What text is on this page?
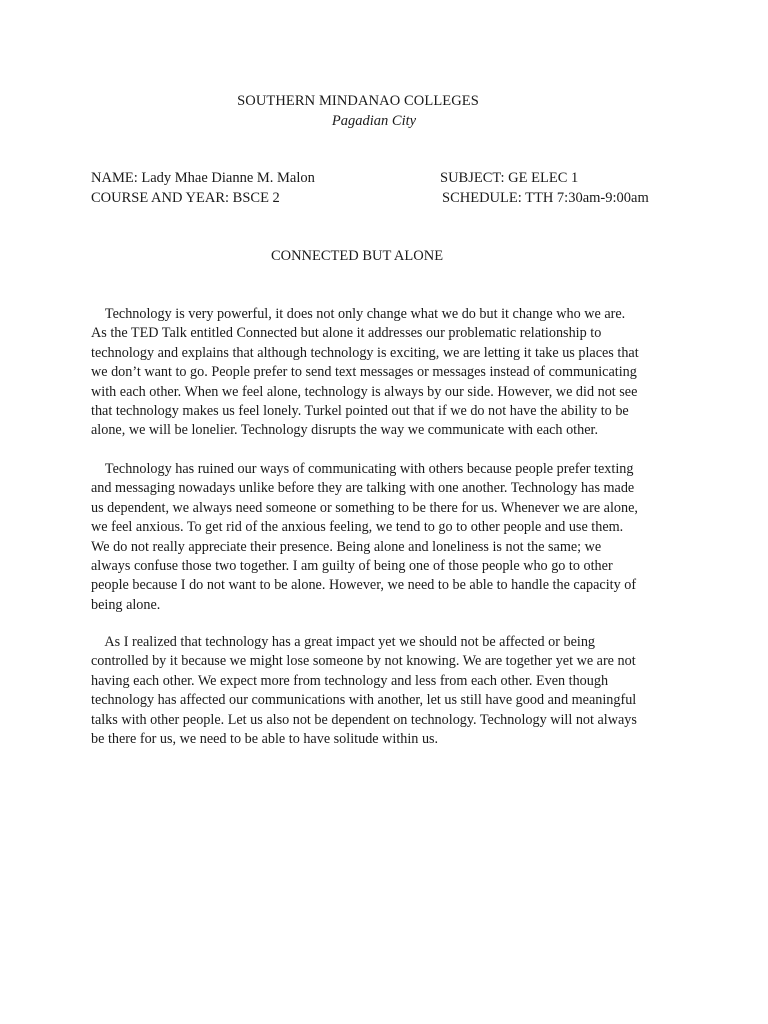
SOUTHERN MINDANAO COLLEGES
Pagadian City
NAME: Lady Mhae Dianne M. Malon	SUBJECT: GE ELEC 1
COURSE AND YEAR: BSCE 2	SCHEDULE: TTH 7:30am-9:00am
CONNECTED BUT ALONE

Technology is very powerful, it does not only change what we do but it change who we are.
As the TED Talk entitled Connected but alone it addresses our problematic relationship to
technology and explains that although technology is exciting, we are letting it take us places that
we don’t want to go. People prefer to send text messages or messages instead of communicating
with each other. When we feel alone, technology is always by our side. However, we did not see
that technology makes us feel lonely. Turkel pointed out that if we do not have the ability to be
alone, we will be lonelier. Technology disrupts the way we communicate with each other.

Technology has ruined our ways of communicating with others because people prefer texting
and messaging nowadays unlike before they are talking with one another. Technology has made
us dependent, we always need someone or something to be there for us. Whenever we are alone,
we feel anxious. To get rid of the anxious feeling, we tend to go to other people and use them.
We do not really appreciate their presence. Being alone and loneliness is not the same; we
always confuse those two together. I am guilty of being one of those people who go to other
people because I do not want to be alone. However, we need to be able to handle the capacity of
being alone.

As I realized that technology has a great impact yet we should not be affected or being
controlled by it because we might lose someone by not knowing. We are together yet we are not
having each other. We expect more from technology and less from each other. Even though
technology has affected our communications with another, let us still have good and meaningful
talks with other people. Let us also not be dependent on technology. Technology will not always
be there for us, we need to be able to have solitude within us.
